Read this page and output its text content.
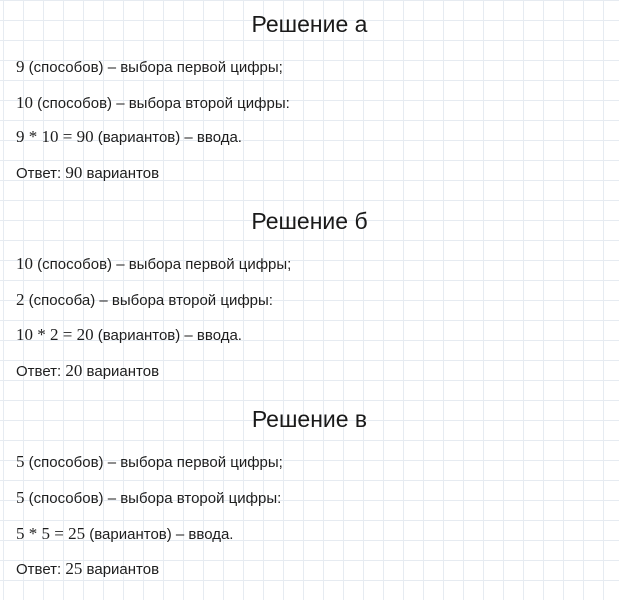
Решение а
9 (способов) – выбора первой цифры;
10 (способов) – выбора второй цифры:
9 * 10 = 90 (вариантов) – ввода.
Ответ: 90 вариантов
Решение б
10 (способов) – выбора первой цифры;
2 (способа) – выбора второй цифры:
10 * 2 = 20 (вариантов) – ввода.
Ответ: 20 вариантов
Решение в
5 (способов) – выбора первой цифры;
5 (способов) – выбора второй цифры:
5 * 5 = 25 (вариантов) – ввода.
Ответ: 25 вариантов
